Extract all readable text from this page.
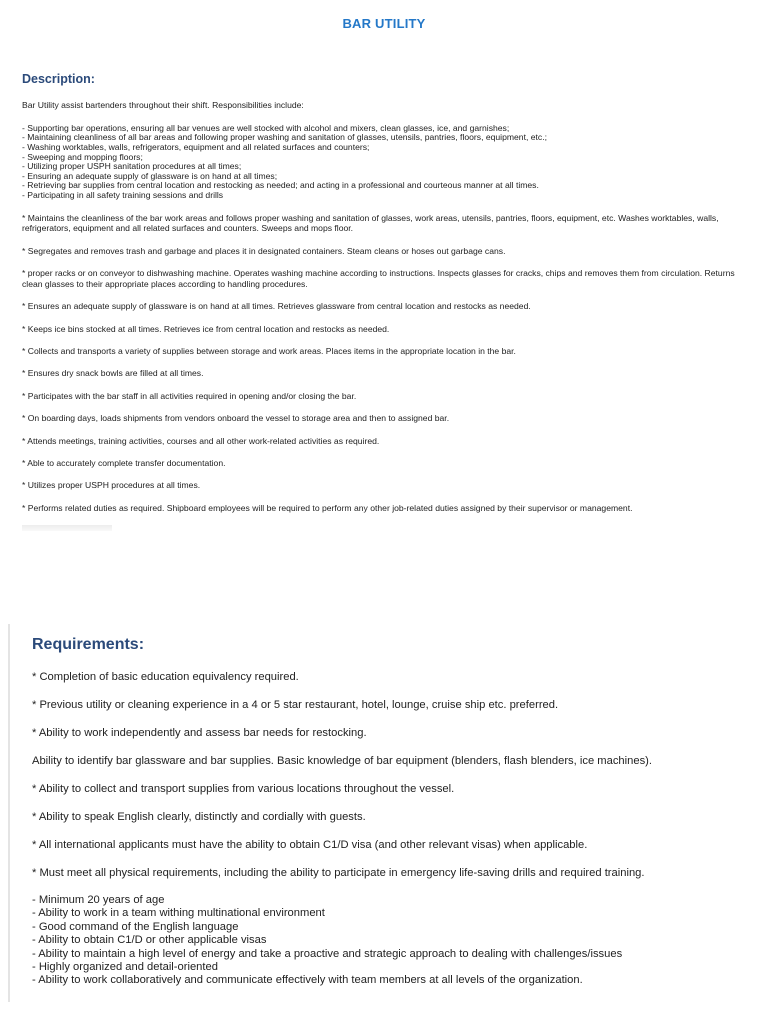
BAR UTILITY
Description:

Bar Utility assist bartenders throughout their shift. Responsibilities include:

- Supporting bar operations, ensuring all bar venues are well stocked with alcohol and mixers, clean glasses, ice, and garnishes;
- Maintaining cleanliness of all bar areas and following proper washing and sanitation of glasses, utensils, pantries, floors, equipment, etc.;
- Washing worktables, walls, refrigerators, equipment and all related surfaces and counters;
- Sweeping and mopping floors;
- Utilizing proper USPH sanitation procedures at all times;
- Ensuring an adequate supply of glassware is on hand at all times;
- Retrieving bar supplies from central location and restocking as needed; and acting in a professional and courteous manner at all times.
- Participating in all safety training sessions and drills

* Maintains the cleanliness of the bar work areas and follows proper washing and sanitation of glasses, work areas, utensils, pantries, floors, equipment, etc. Washes worktables, walls, refrigerators, equipment and all related surfaces and counters. Sweeps and mops floor.

* Segregates and removes trash and garbage and places it in designated containers. Steam cleans or hoses out garbage cans.

* proper racks or on conveyor to dishwashing machine. Operates washing machine according to instructions. Inspects glasses for cracks, chips and removes them from circulation. Returns clean glasses to their appropriate places according to handling procedures.

* Ensures an adequate supply of glassware is on hand at all times. Retrieves glassware from central location and restocks as needed.

* Keeps ice bins stocked at all times. Retrieves ice from central location and restocks as needed.

* Collects and transports a variety of supplies between storage and work areas. Places items in the appropriate location in the bar.

* Ensures dry snack bowls are filled at all times.

* Participates with the bar staff in all activities required in opening and/or closing the bar.

* On boarding days, loads shipments from vendors onboard the vessel to storage area and then to assigned bar.

* Attends meetings, training activities, courses and all other work-related activities as required.

* Able to accurately complete transfer documentation.

* Utilizes proper USPH procedures at all times.

* Performs related duties as required. Shipboard employees will be required to perform any other job-related duties assigned by their supervisor or management.

Requirements:

* Completion of basic education equivalency required.

* Previous utility or cleaning experience in a 4 or 5 star restaurant, hotel, lounge, cruise ship etc. preferred.

* Ability to work independently and assess bar needs for restocking.

Ability to identify bar glassware and bar supplies. Basic knowledge of bar equipment (blenders, flash blenders, ice machines).

* Ability to collect and transport supplies from various locations throughout the vessel.

* Ability to speak English clearly, distinctly and cordially with guests.

* All international applicants must have the ability to obtain C1/D visa (and other relevant visas) when applicable.

* Must meet all physical requirements, including the ability to participate in emergency life-saving drills and required training.

- Minimum 20 years of age
- Ability to work in a team withing multinational environment
- Good command of the English language
- Ability to obtain C1/D or other applicable visas
- Ability to maintain a high level of energy and take a proactive and strategic approach to dealing with challenges/issues
- Highly organized and detail-oriented
- Ability to work collaboratively and communicate effectively with team members at all levels of the organization.
